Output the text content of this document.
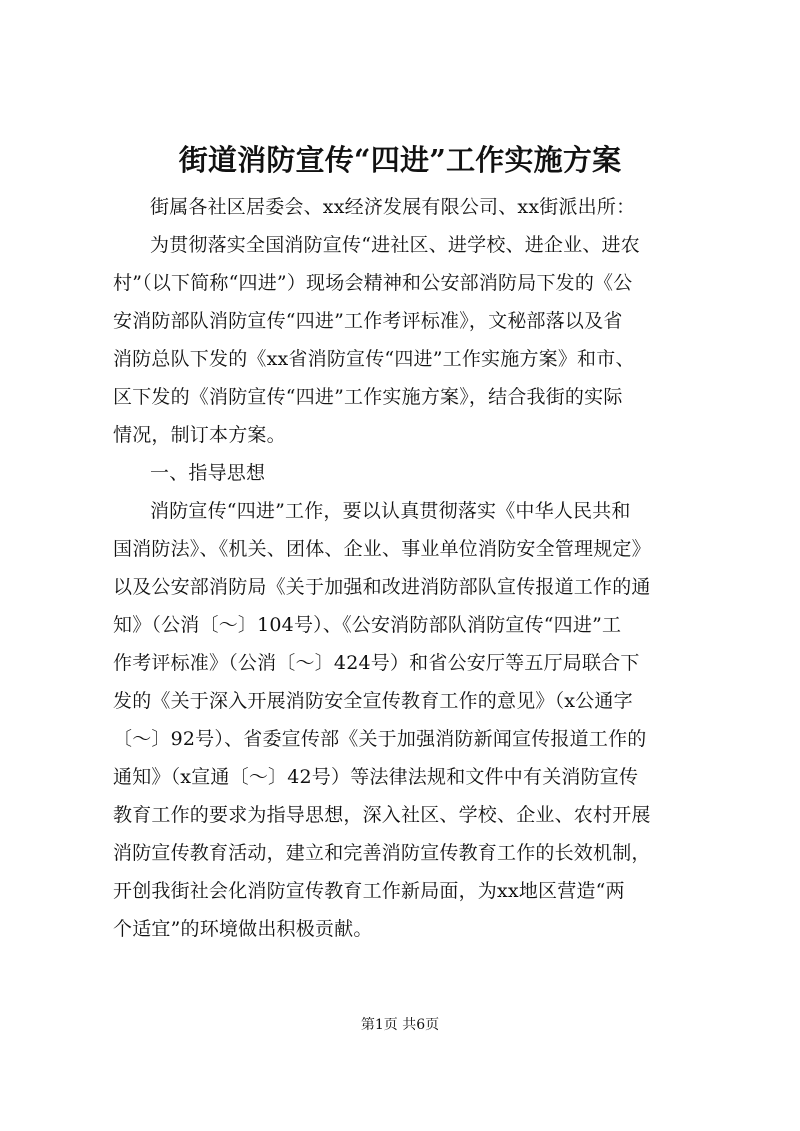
街道消防宣传“四进”工作实施方案
街属各社区居委会、xx经济发展有限公司、xx街派出所：
为贯彻落实全国消防宣传“进社区、进学校、进企业、进农
村”（以下简称“四进”）现场会精神和公安部消防局下发的《公
安消防部队消防宣传“四进”工作考评标准》，文秘部落以及省
消防总队下发的《xx省消防宣传“四进”工作实施方案》和市、
区下发的《消防宣传“四进”工作实施方案》，结合我街的实际
情况，制订本方案。
一、指导思想
消防宣传“四进”工作，要以认真贯彻落实《中华人民共和
国消防法》、《机关、团体、企业、事业单位消防安全管理规定》
以及公安部消防局《关于加强和改进消防部队宣传报道工作的通
知》（公消〔～〕104号）、《公安消防部队消防宣传“四进”工
作考评标准》（公消〔～〕424号）和省公安厅等五厅局联合下
发的《关于深入开展消防安全宣传教育工作的意见》（x公通字
〔～〕92号）、省委宣传部《关于加强消防新闻宣传报道工作的
通知》（x宣通〔～〕42号）等法律法规和文件中有关消防宣传
教育工作的要求为指导思想，深入社区、学校、企业、农村开展
消防宣传教育活动，建立和完善消防宣传教育工作的长效机制，
开创我街社会化消防宣传教育工作新局面，为xx地区营造“两
个适宜”的环境做出积极贡献。
第1页 共6页
